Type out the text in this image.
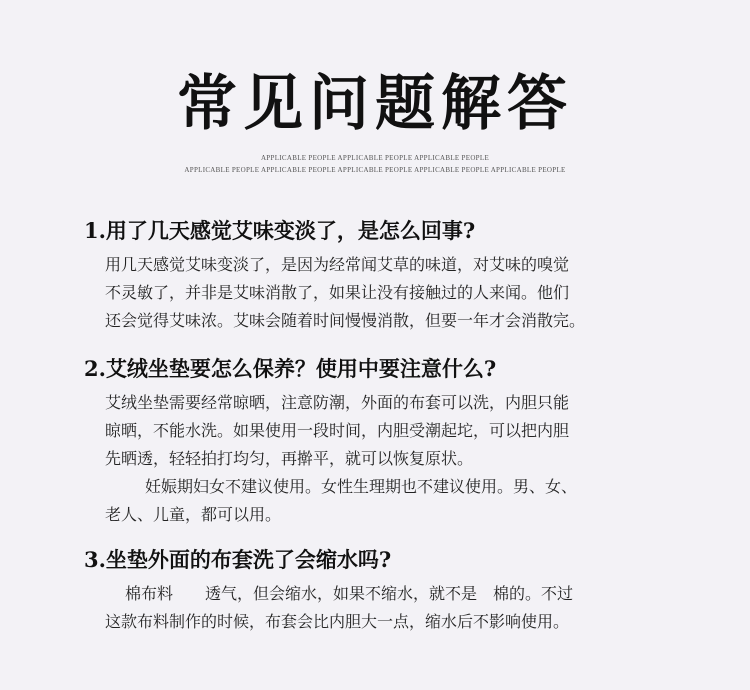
常见问题解答
APPLICABLE PEOPLE APPLICABLE PEOPLE APPLICABLE PEOPLE
APPLICABLE PEOPLE APPLICABLE PEOPLE APPLICABLE PEOPLE APPLICABLE PEOPLE APPLICABLE PEOPLE
1.用了几天感觉艾味变淡了，是怎么回事?
用几天感觉艾味变淡了，是因为经常闻艾草的味道，对艾味的嗅觉
不灵敏了，并非是艾味消散了，如果让没有接触过的人来闻。他们
还会觉得艾味浓。艾味会随着时间慢慢消散，但要一年才会消散完。
2.艾绒坐垫要怎么保养？使用中要注意什么?
艾绒坐垫需要经常晾晒，注意防潮，外面的布套可以洗，内胆只能
晾晒，不能水洗。如果使用一段时间，内胆受潮起坨，可以把内胆
先晒透，轻轻拍打均匀，再擀平，就可以恢复原状。
妊娠期妇女不建议使用。女性生理期也不建议使用。男、女、
老人、儿童，都可以用。
3.坐垫外面的布套洗了会缩水吗?
棉布料　　透气，但会缩水，如果不缩水，就不是　棉的。不过
这款布料制作的时候，布套会比内胆大一点，缩水后不影响使用。
